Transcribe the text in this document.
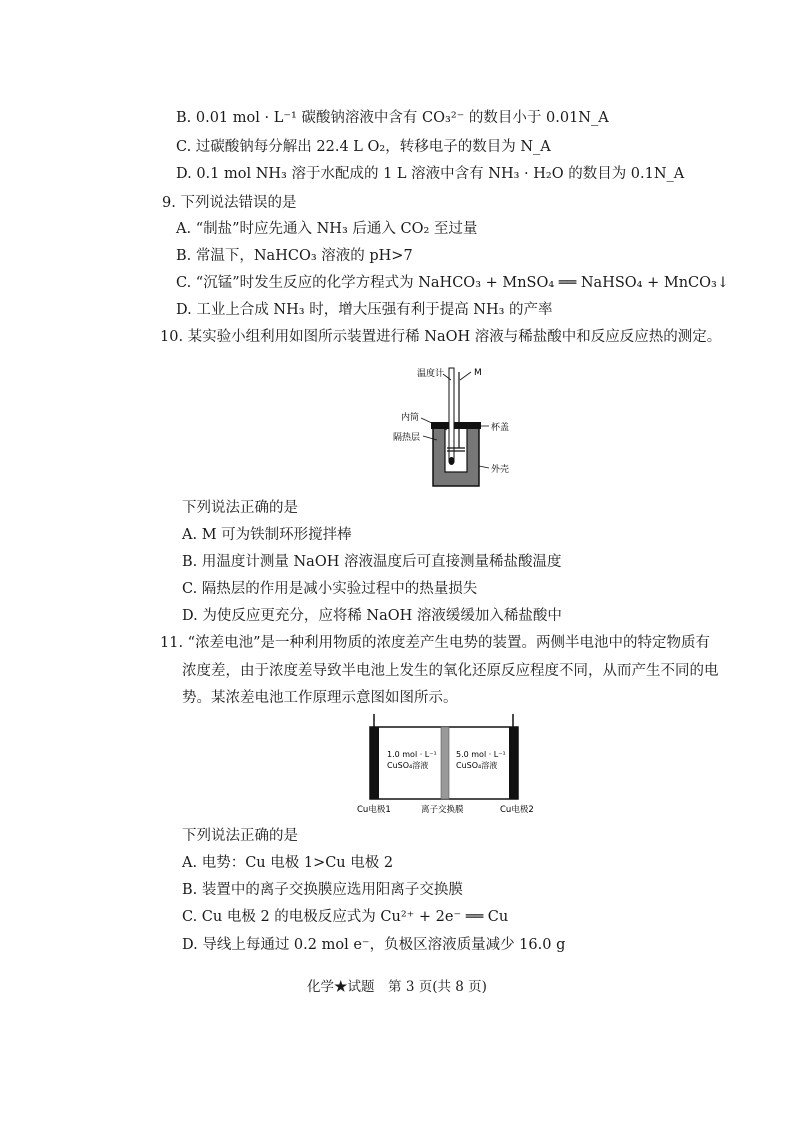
B. 0.01 mol · L⁻¹ 碳酸钠溶液中含有 CO₃²⁻ 的数目小于 0.01N_A
C. 过碳酸钠每分解出 22.4 L O₂，转移电子的数目为 N_A
D. 0.1 mol NH₃ 溶于水配成的 1 L 溶液中含有 NH₃ · H₂O 的数目为 0.1N_A
9. 下列说法错误的是
A. “制盐”时应先通入 NH₃ 后通入 CO₂ 至过量
B. 常温下，NaHCO₃ 溶液的 pH>7
C. “沉锰”时发生反应的化学方程式为 NaHCO₃ + MnSO₄ ══ NaHSO₄ + MnCO₃↓
D. 工业上合成 NH₃ 时，增大压强有利于提高 NH₃ 的产率
10. 某实验小组利用如图所示装置进行稀 NaOH 溶液与稀盐酸中和反应反应热的测定。
温度计	M
内筒
杯盖
隔热层
外壳
下列说法正确的是
A. M 可为铁制环形搅拌棒
B. 用温度计测量 NaOH 溶液温度后可直接测量稀盐酸温度
C. 隔热层的作用是减小实验过程中的热量损失
D. 为使反应更充分，应将稀 NaOH 溶液缓缓加入稀盐酸中
11. “浓差电池”是一种利用物质的浓度差产生电势的装置。两侧半电池中的特定物质有
浓度差，由于浓度差导致半电池上发生的氧化还原反应程度不同，从而产生不同的电
势。某浓差电池工作原理示意图如图所示。
1.0 mol · L⁻¹
CuSO₄溶液
5.0 mol · L⁻¹
CuSO₄溶液
Cu电极1	离子交换膜	Cu电极2
下列说法正确的是
A. 电势：Cu 电极 1>Cu 电极 2
B. 装置中的离子交换膜应选用阳离子交换膜
C. Cu 电极 2 的电极反应式为 Cu²⁺ + 2e⁻ ══ Cu
D. 导线上每通过 0.2 mol e⁻，负极区溶液质量减少 16.0 g
化学★试题　第 3 页(共 8 页)
